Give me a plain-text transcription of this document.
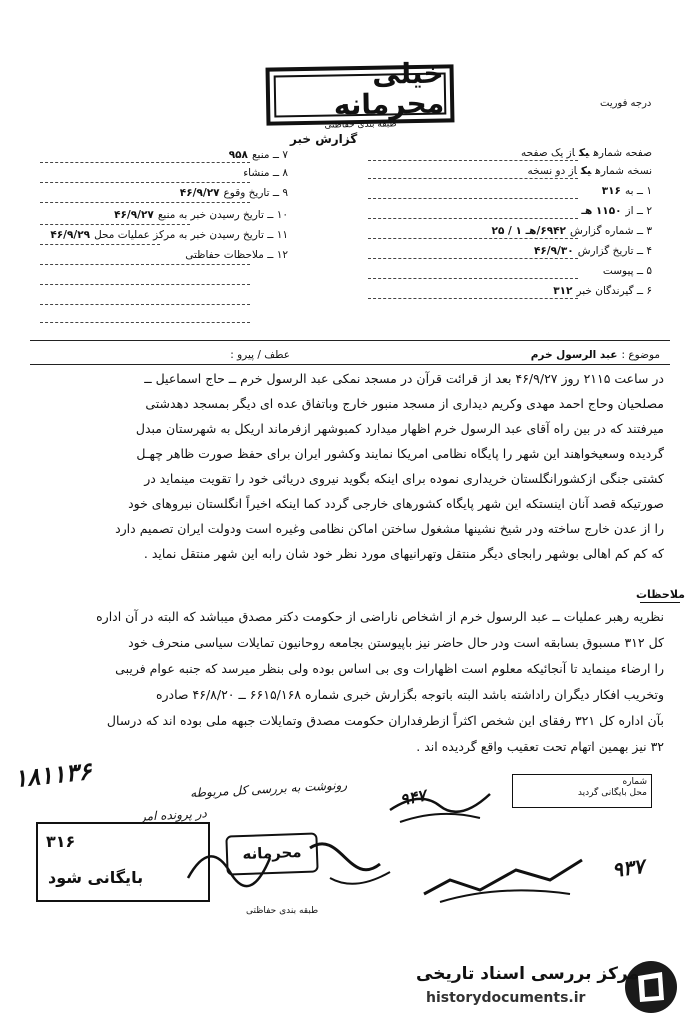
خیلی محرمانه
طبقه بندی حفاظتی
درجه فوریت
گزارش خبر
صفحه شمارهیکاز یک صفحه
نسخه شمارهیکاز دو نسخه
۱ ــ به۳۱۶
۲ ــ از۱۱۵۰ هـ
۳ ــ شماره گزارش۶۹۴۲/هـ ۱ / ۲۵
۴ ــ تاریخ گزارش۴۶/۹/۳۰
۵ ــ پیوست
۶ ــ گیرندگان خبر۳۱۲
۷ ــ منبع۹۵۸
۸ ــ منشاء
۹ ــ تاریخ وقوع۴۶/۹/۲۷
۱۰ ــ تاریخ رسیدن خبر به منبع۴۶/۹/۲۷
۱۱ ــ تاریخ رسیدن خبر به مرکز عملیات محل۴۶/۹/۲۹
۱۲ ــ ملاحظات حفاظتی
موضوع :عبد الرسول خرم
عطف / پیرو :

در ساعت ۲۱۱۵ روز ۴۶/۹/۲۷ بعد از قرائت قرآن در مسجد نمکی عبد الرسول خرم ــ حاج اسماعیل ــ

مصلحیان وحاج احمد مهدی وکریم دیداری از مسجد منبور خارج وباتفاق عده ای دیگر بمسجد دهدشتی

میرفتند که در بین راه آقای عبد الرسول خرم اظهار میدارد کمبوشهر ازفرماند اریکل به شهرستان مبدل

گردیده وسعیخواهند این شهر را پایگاه نظامی امریکا نمایند وکشور ایران برای حفظ صورت ظاهر چهـل

کشتی جنگی ازکشورانگلستان خریداری نموده برای اینکه بگوید نیروی دریائی خود را تقویت مینماید در

صورتیکه قصد آنان اینستکه این شهر پایگاه کشورهای خارجی گردد کما اینکه اخیراً انگلستان نیروهای خود

را از عدن خارج ساخته ودر شیخ نشینها مشغول ساختن اماکن نظامی وغیره است ودولت ایران تصمیم دارد

که کم کم اهالی بوشهر رابجای دیگر منتقل وتهرانیهای مورد نظر خود شان رابه این شهر منتقل نماید .

ملاحظات

نظریه رهبر عملیات ــ عبد الرسول خرم از اشخاص ناراضی از حکومت دکتر مصدق میباشد که البته در آن اداره

کل ۳۱۲ مسبوق بسابقه است ودر حال حاضر نیز باپیوستن بجامعه روحانیون تمایلات سیاسی منحرف خود

را ارضاء مینماید تا آنجائیکه معلوم است اظهارات وی بی اساس بوده ولی بنظر میرسد که جنبه عوام فریبی

وتخریب افکار دیگران راداشته باشد البته باتوجه بگزارش خبری شماره ۶۶۱۵/۱۶۸ ــ ۴۶/۸/۲۰ صادره

بآن اداره کل ۳۲۱ رفقای این شخص اکثراً ازطرفداران حکومت مصدق وتمایلات جبهه ملی بوده اند که درسال

۳۲ نیز بهمین اتهام تحت تعقیب واقع گردیده اند .

۱۸۱۱۳۶	رونوشت به بررسی کل مربوطه
در پرونده امر
۹۴۷
شماره
محل بایگانی گردید
۳۱۶
بایگانی شود
محرمانه
۹۳۷
طبقه بندی حفاظتی
مرکز بررسی اسناد تاریخی
historydocuments.ir
